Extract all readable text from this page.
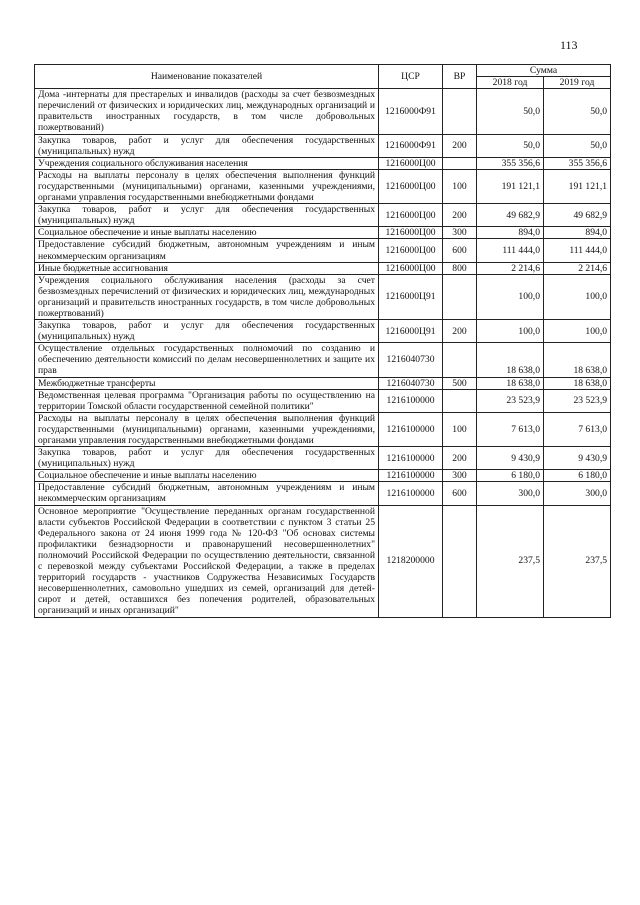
113
Наименование показателей	ЦСР	ВР	Сумма	
			2018 год	2019 год
Дома -интернаты для престарелых и инвалидов (расходы за счет безвозмездных перечислений от физических и юридических лиц, международных организаций и правительств иностранных государств, в том числе добровольных пожертвований)	1216000Ф91		50,0	50,0
Закупка товаров, работ и услуг для обеспечения государственных (муниципальных) нужд	1216000Ф91	200	50,0	50,0
Учреждения социального обслуживания населения	1216000Ц00		355 356,6	355 356,6
Расходы на выплаты персоналу в целях обеспечения выполнения функций государственными (муниципальными) органами, казенными учреждениями, органами управления государственными внебюджетными фондами	1216000Ц00	100	191 121,1	191 121,1
Закупка товаров, работ и услуг для обеспечения государственных (муниципальных) нужд	1216000Ц00	200	49 682,9	49 682,9
Социальное обеспечение и иные выплаты населению	1216000Ц00	300	894,0	894,0
Предоставление субсидий бюджетным, автономным учреждениям и иным некоммерческим организациям	1216000Ц00	600	111 444,0	111 444,0
Иные бюджетные ассигнования	1216000Ц00	800	2 214,6	2 214,6
Учреждения социального обслуживания населения (расходы за счет безвозмездных перечислений от физических и юридических лиц, международных организаций и правительств иностранных государств, в том числе добровольных пожертвований)	1216000Ц91		100,0	100,0
Закупка товаров, работ и услуг для обеспечения государственных (муниципальных) нужд	1216000Ц91	200	100,0	100,0
Осуществление отдельных государственных полномочий по созданию и обеспечению деятельности комиссий по делам несовершеннолетних и защите их прав	1216040730		18 638,0	18 638,0
Межбюджетные трансферты	1216040730	500	18 638,0	18 638,0
Ведомственная целевая программа "Организация работы по осуществлению на территории Томской области государственной семейной политики"	1216100000		23 523,9	23 523,9
Расходы на выплаты персоналу в целях обеспечения выполнения функций государственными (муниципальными) органами, казенными учреждениями, органами управления государственными внебюджетными фондами	1216100000	100	7 613,0	7 613,0
Закупка товаров, работ и услуг для обеспечения государственных (муниципальных) нужд	1216100000	200	9 430,9	9 430,9
Социальное обеспечение и иные выплаты населению	1216100000	300	6 180,0	6 180,0
Предоставление субсидий бюджетным, автономным учреждениям и иным некоммерческим организациям	1216100000	600	300,0	300,0
Основное мероприятие "Осуществление переданных органам государственной власти субъектов Российской Федерации в соответствии с пунктом 3 статьи 25 Федерального закона от 24 июня 1999 года № 120-ФЗ "Об основах системы профилактики безнадзорности и правонарушений несовершеннолетних" полномочий Российской Федерации по осуществлению деятельности, связанной с перевозкой между субъектами Российской Федерации, а также в пределах территорий государств - участников Содружества Независимых Государств несовершеннолетних, самовольно ушедших из семей, организаций для детей-сирот и детей, оставшихся без попечения родителей, образовательных организаций и иных организаций"	1218200000		237,5	237,5
